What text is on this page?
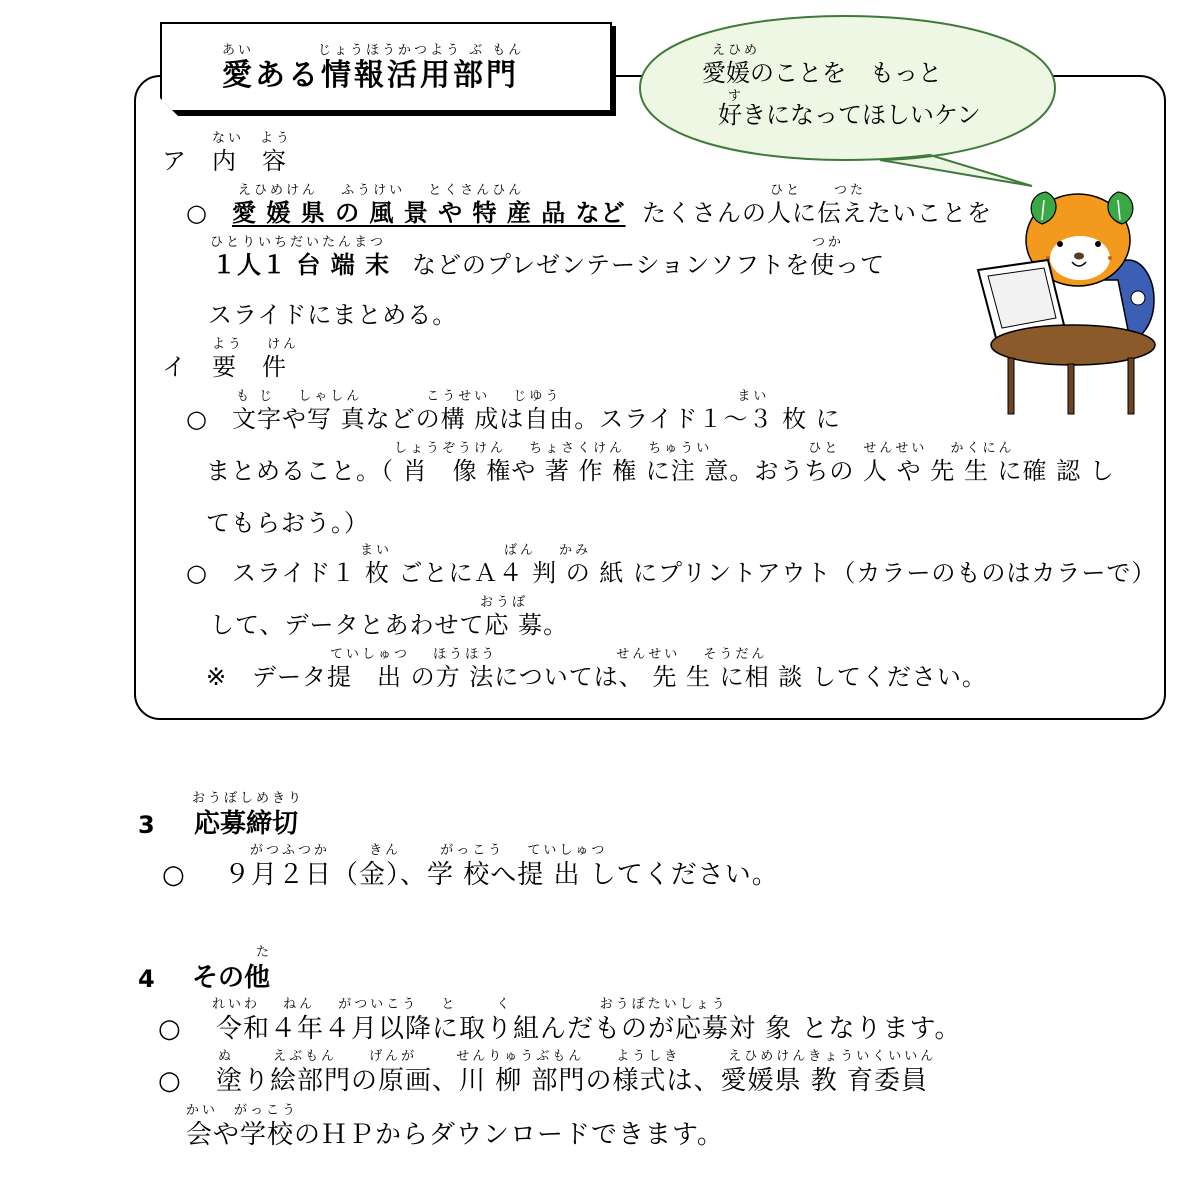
あい	じょうほうかつよう ぶ もん
愛ある情報活用部門
えひめ
愛媛のことを　もっと
す
好きになってほしいケン
ない　よう
ア　内　容
えひめけん　 ふうけい 　とくさんひん
○ 愛 媛 県 の 風 景 や 特 産 品 など
ひと　　つた
たくさんの人に伝えたいことを
ひとりいちだいたんまつ
１人１ 台 端 末
つか
などのプレゼンテーションソフトを使って
スライドにまとめる。
よう　 けん
イ　要　件
も じ　 しゃしん　　　　こうせい　 じゆう　　　　　　　　　　　まい
○ 文字や写 真などの構 成は自由。スライド１～３ 枚 に
しょうぞうけん　 ちょさくけん 　ちゅうい　　　　　　ひと　 せんせい 　かくにん
まとめること。（ 肖　像 権や 著 作 権 に注 意。おうちの 人 や 先 生 に確 認 し
てもらおう。）
まい　　　　　　　ばん　 かみ
○ スライド１ 枚 ごとにＡ４ 判 の 紙 にプリントアウト（カラーのものはカラーで）
おうぼ
して、データとあわせて応 募。
ていしゅつ 　ほうほう　　　　　　　 せんせい 　そうだん
※ データ提　出 の方 法については、 先 生 に相 談 してください。
おうぼしめきり
3 応募締切
がつふつか　　 きん　　 がっこう 　ていしゅつ
○ ９月２日（金）、学 校へ提 出 してください。
た
4 その他
れいわ　 ねん　 がついこう　 と　　 く　　　　　 おうぼたいしょう
○ 令和４年４月以降に取り組んだものが応募対 象 となります。
ぬ　　 えぶもん　　げんが　　 せんりゅうぶもん　　ようしき　　　えひめけんきょういくいいん
○ 塗り絵部門の原画、川 柳 部門の様式は、愛媛県 教 育委員
かい　がっこう
会や学校のＨＰからダウンロードできます。
